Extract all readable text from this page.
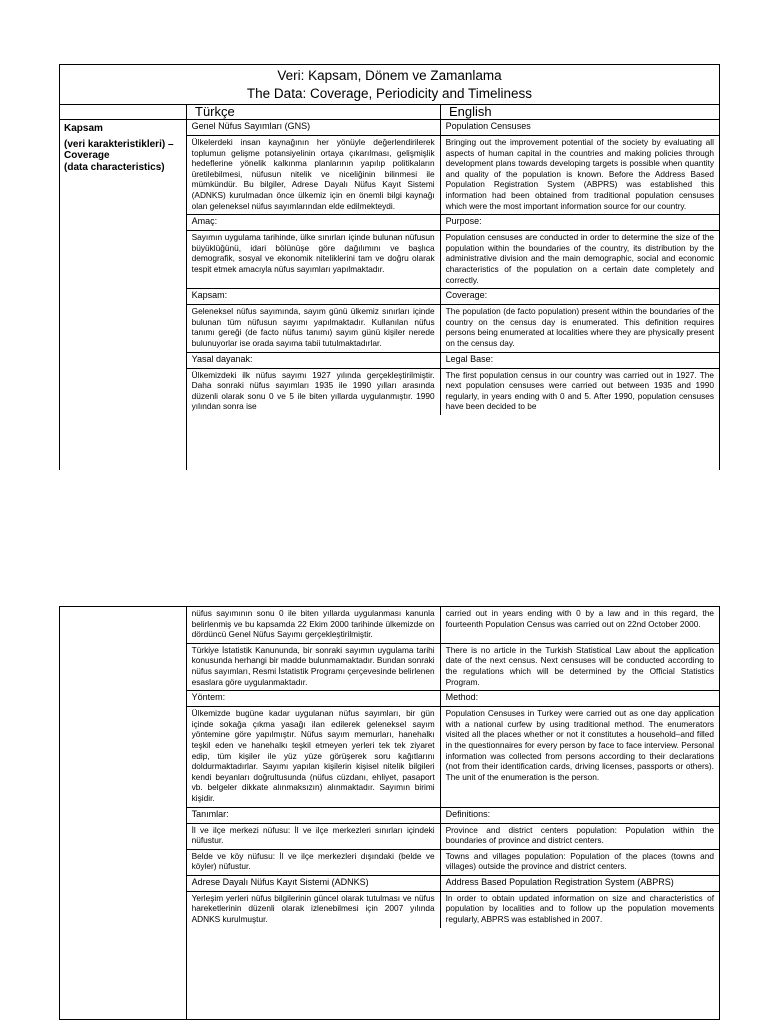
Veri: Kapsam, Dönem ve Zamanlama
The Data: Coverage, Periodicity and Timeliness
Türkçe	English

Kapsam

(veri karakteristikleri) – Coverage
(data characteristics)

Genel Nüfus Sayımları (GNS)	Population Censuses
Ülkelerdeki insan kaynağının her yönüyle değerlendirilerek toplumun gelişme potansiyelinin ortaya çıkarılması, gelişmişlik hedeflerine yönelik kalkınma planlarının yapılıp politikaların üretilebilmesi, nüfusun nitelik ve niceliğinin bilinmesi ile mümkündür. Bu bilgiler, Adrese Dayalı Nüfus Kayıt Sistemi (ADNKS) kurulmadan önce ülkemiz için en önemli bilgi kaynağı olan geleneksel nüfus sayımlarından elde edilmekteydi.
Bringing out the improvement potential of the society by evaluating all aspects of human capital in the countries and making policies through development plans towards developing targets is possible when quantity and quality of the population is known. Before the Address Based Population Registration System (ABPRS) was established this information had been obtained from traditional population censuses which were the most important information source for our country.
Amaç:	Purpose:
Sayımın uygulama tarihinde, ülke sınırları içinde bulunan nüfusun büyüklüğünü, idari bölünüşe göre dağılımını ve başlıca demografik, sosyal ve ekonomik niteliklerini tam ve doğru olarak tespit etmek amacıyla nüfus sayımları yapılmaktadır.
Population censuses are conducted in order to determine the size of the population within the boundaries of the country, its distribution by the administrative division and the main demographic, social and economic characteristics of the population on a certain date completely and correctly.
Kapsam:	Coverage:
Geleneksel nüfus sayımında, sayım günü ülkemiz sınırları içinde bulunan tüm nüfusun sayımı yapılmaktadır. Kullanılan nüfus tanımı gereği (de facto nüfus tanımı) sayım günü kişiler nerede bulunuyorlar ise orada sayıma tabii tutulmaktadırlar.
The population (de facto population) present within the boundaries of the country on the census day is enumerated. This definition requires persons being enumerated at localities where they are physically present on the census day.
Yasal dayanak:	Legal Base:
Ülkemizdeki ilk nüfus sayımı 1927 yılında gerçekleştirilmiştir. Daha sonraki nüfus sayımları 1935 ile 1990 yılları arasında düzenli olarak sonu 0 ve 5 ile biten yıllarda uygulanmıştır. 1990 yılından sonra ise
The first population census in our country was carried out in 1927. The next population censuses were carried out between 1935 and 1990 regularly, in years ending with 0 and 5. After 1990, population censuses have been decided to be
nüfus sayımının sonu 0 ile biten yıllarda uygulanması kanunla belirlenmiş ve bu kapsamda 22 Ekim 2000 tarihinde ülkemizde on dördüncü Genel Nüfus Sayımı gerçekleştirilmiştir.
carried out in years ending with 0 by a law and in this regard, the fourteenth Population Census was carried out on 22nd October 2000.
Türkiye İstatistik Kanununda, bir sonraki sayımın uygulama tarihi konusunda herhangi bir madde bulunmamaktadır. Bundan sonraki nüfus sayımları, Resmi İstatistik Programı çerçevesinde belirlenen esaslara göre uygulanmaktadır.
There is no article in the Turkish Statistical Law about the application date of the next census. Next censuses will be conducted according to the regulations which will be determined by the Official Statistics Program.
Yöntem:	Method:
Ülkemizde bugüne kadar uygulanan nüfus sayımları, bir gün içinde sokağa çıkma yasağı ilan edilerek geleneksel sayım yöntemine göre yapılmıştır. Nüfus sayım memurları, hanehalkı teşkil eden ve hanehalkı teşkil etmeyen yerleri tek tek ziyaret edip, tüm kişiler ile yüz yüze görüşerek soru kağıtlarını doldurmaktadırlar. Sayımı yapılan kişilerin kişisel nitelik bilgileri kendi beyanları doğrultusunda (nüfus cüzdanı, ehliyet, pasaport vb. belgeler dikkate alınmaksızın) alınmaktadır. Sayımın birimi kişidir.
Population Censuses in Turkey were carried out as one day application with a national curfew by using traditional method. The enumerators visited all the places whether or not it constitutes a household–and filled in the questionnaires for every person by face to face interview. Personal information was collected from persons according to their declarations (not from their identification cards, driving licenses, passports or others). The unit of the enumeration is the person.
Tanımlar:	Definitions:
İl ve ilçe merkezi nüfusu: İl ve ilçe merkezleri sınırları içindeki nüfustur.
Province and district centers population: Population within the boundaries of province and district centers.
Belde ve köy nüfusu: İl ve ilçe merkezleri dışındaki (belde ve köyler) nüfustur.
Towns and villages population: Population of the places (towns and villages) outside the province and district centers.
Adrese Dayalı Nüfus Kayıt Sistemi (ADNKS)	Address Based Population Registration System (ABPRS)
Yerleşim yerleri nüfus bilgilerinin güncel olarak tutulması ve nüfus hareketlerinin düzenli olarak izlenebilmesi için 2007 yılında ADNKS kurulmuştur.
In order to obtain updated information on size and characteristics of population by localities and to follow up the population movements regularly, ABPRS was established in 2007.
